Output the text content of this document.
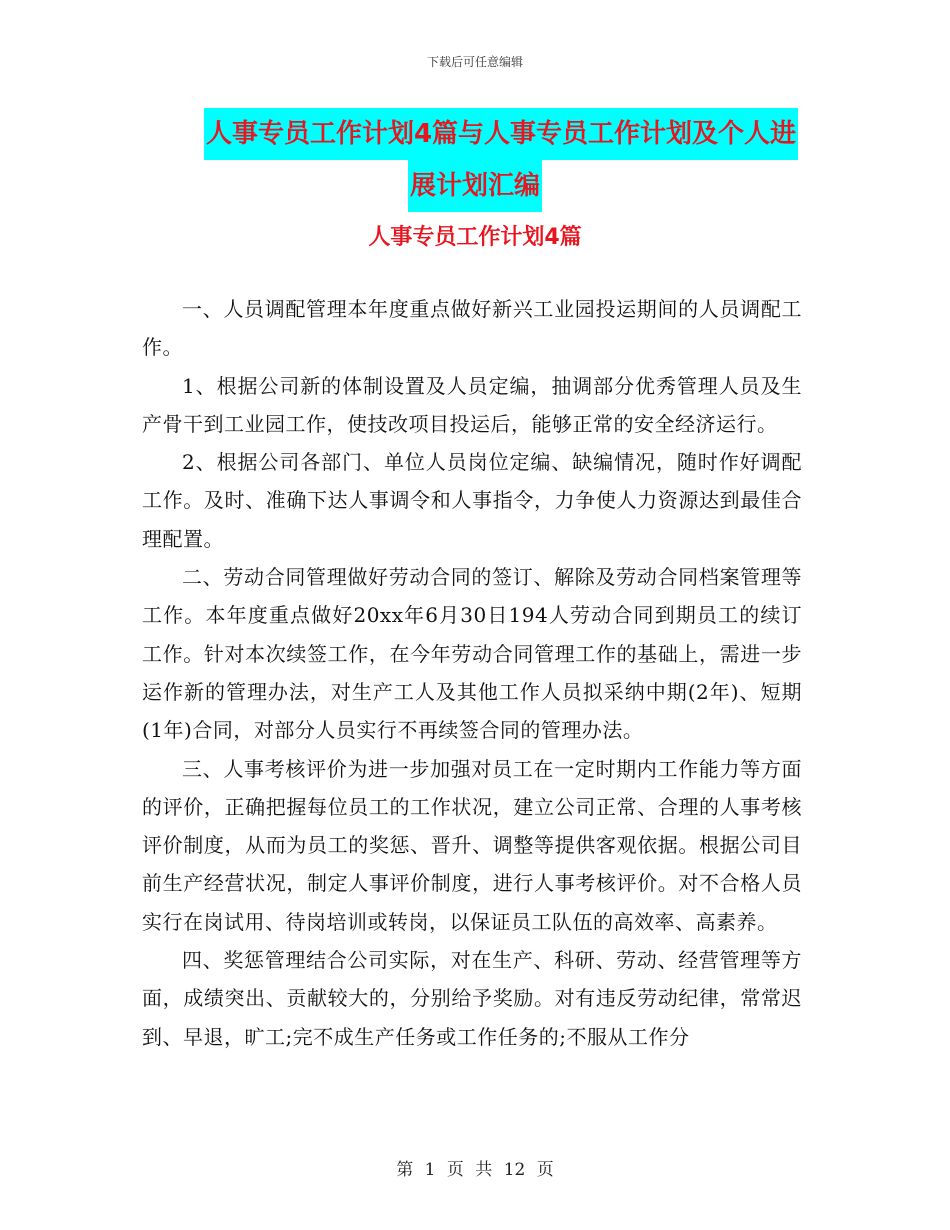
下载后可任意编辑
人事专员工作计划4篇与人事专员工作计划及个人进
展计划汇编
人事专员工作计划4篇

一、人员调配管理本年度重点做好新兴工业园投运期间的人员调配工作。

1、根据公司新的体制设置及人员定编，抽调部分优秀管理人员及生产骨干到工业园工作，使技改项目投运后，能够正常的安全经济运行。

2、根据公司各部门、单位人员岗位定编、缺编情况，随时作好调配工作。及时、准确下达人事调令和人事指令，力争使人力资源达到最佳合理配置。

二、劳动合同管理做好劳动合同的签订、解除及劳动合同档案管理等工作。本年度重点做好20xx年6月30日194人劳动合同到期员工的续订工作。针对本次续签工作，在今年劳动合同管理工作的基础上，需进一步运作新的管理办法，对生产工人及其他工作人员拟采纳中期(2年)、短期(1年)合同，对部分人员实行不再续签合同的管理办法。

三、人事考核评价为进一步加强对员工在一定时期内工作能力等方面的评价，正确把握每位员工的工作状况，建立公司正常、合理的人事考核评价制度，从而为员工的奖惩、晋升、调整等提供客观依据。根据公司目前生产经营状况，制定人事评价制度，进行人事考核评价。对不合格人员实行在岗试用、待岗培训或转岗，以保证员工队伍的高效率、高素养。

四、奖惩管理结合公司实际，对在生产、科研、劳动、经营管理等方面，成绩突出、贡献较大的，分别给予奖励。对有违反劳动纪律，常常迟到、早退，旷工;完不成生产任务或工作任务的;不服从工作分

第 1 页 共 12 页
